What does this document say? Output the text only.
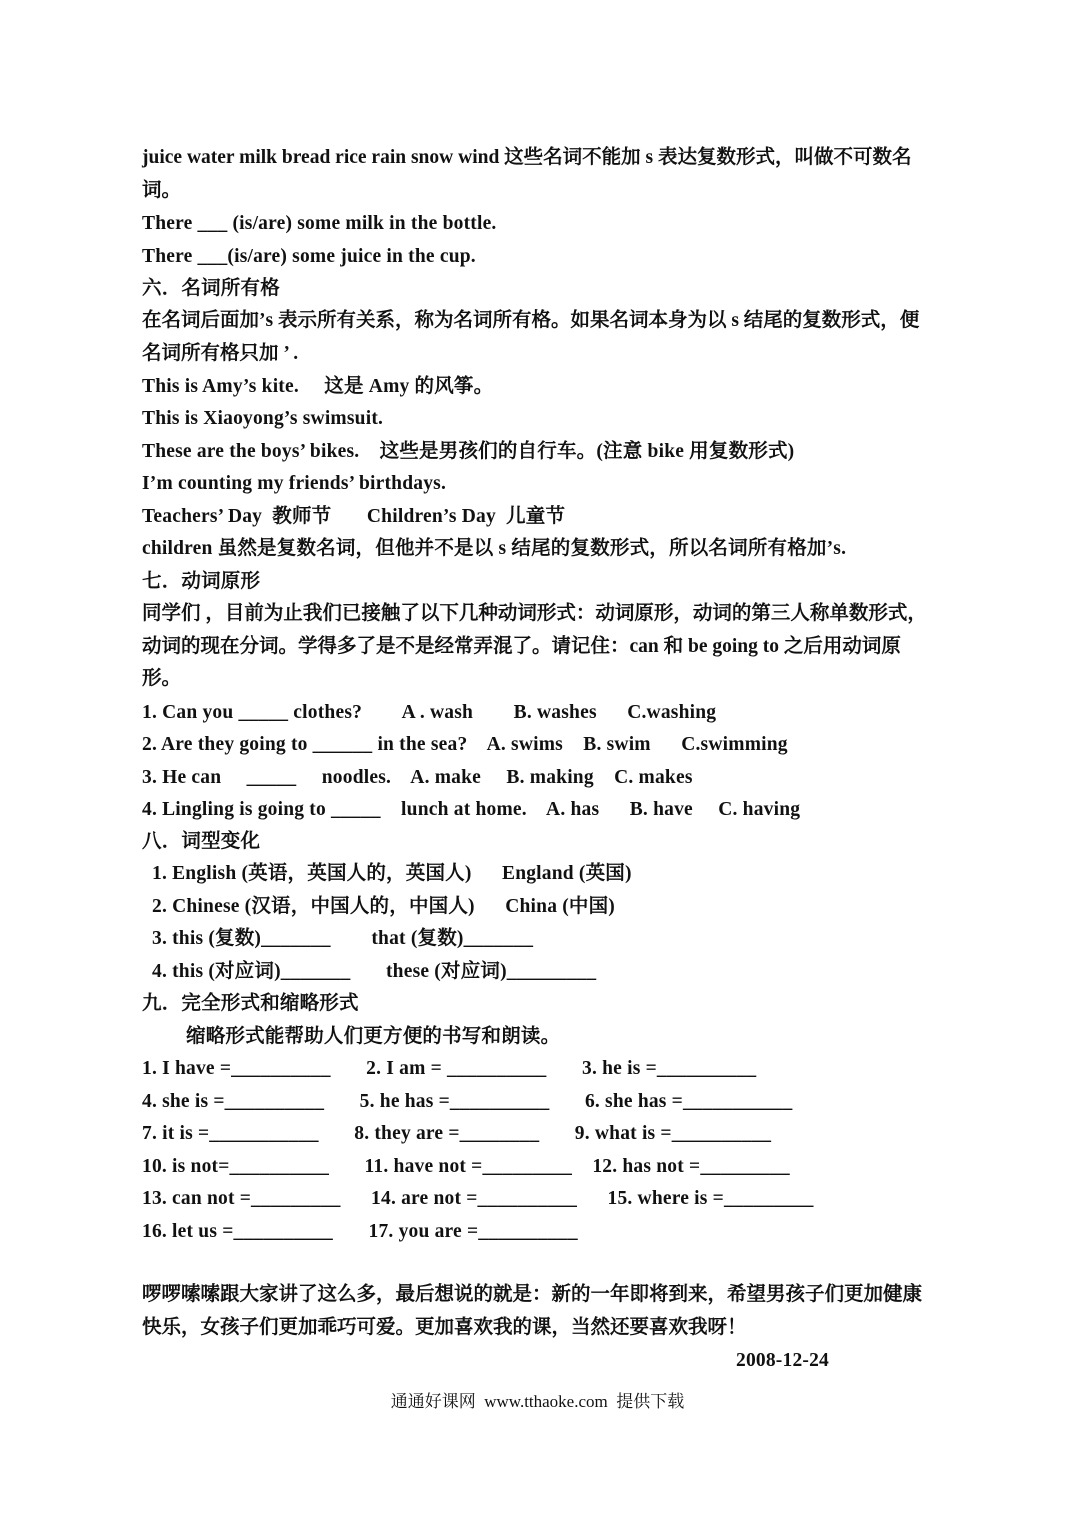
juice water milk bread rice rain snow wind 这些名词不能加 s 表达复数形式，叫做不可数名词。

There ___ (is/are) some milk in the bottle.

There ___(is/are) some juice in the cup.

六．名词所有格

在名词后面加’s 表示所有关系，称为名词所有格。如果名词本身为以 s 结尾的复数形式，便名词所有格只加 ’ .

This is Amy’s kite.     这是 Amy 的风筝。

This is Xiaoyong’s swimsuit.

These are the boys’ bikes.    这些是男孩们的自行车。(注意 bike 用复数形式)

I’m counting my friends’ birthdays.

Teachers’ Day  教师节       Children’s Day  儿童节

children 虽然是复数名词，但他并不是以 s 结尾的复数形式，所以名词所有格加’s.

七．动词原形

同学们 ，目前为止我们已接触了以下几种动词形式：动词原形，动词的第三人称单数形式，动词的现在分词。学得多了是不是经常弄混了。请记住：can 和 be going to 之后用动词原形。

1. Can you _____ clothes?        A . wash        B. washes      C.washing

2. Are they going to ______ in the sea?    A. swims    B. swim      C.swimming

3. He can     _____     noodles.    A. make     B. making    C. makes

4. Lingling is going to _____    lunch at home.    A. has      B. have     C. having

八．词型变化

1. English (英语，英国人的，英国人)      England (英国)

2. Chinese (汉语，中国人的，中国人)      China (中国)

3. this (复数)_______        that (复数)_______

4. this (对应词)_______       these (对应词)_________

九．完全形式和缩略形式

缩略形式能帮助人们更方便的书写和朗读。

1. I have =__________       2. I am = __________       3. he is =__________

4. she is =__________       5. he has =__________       6. she has =___________

7. it is =___________       8. they are =________       9. what is =__________

10. is not=__________       11. have not =_________    12. has not =_________

13. can not =_________      14. are not =__________      15. where is =_________

16. let us =__________       17. you are =__________

啰啰嗦嗦跟大家讲了这么多，最后想说的就是：新的一年即将到来，希望男孩子们更加健康快乐，女孩子们更加乖巧可爱。更加喜欢我的课，当然还要喜欢我呀！

2008-12-24

通通好课网  www.tthaoke.com  提供下载
